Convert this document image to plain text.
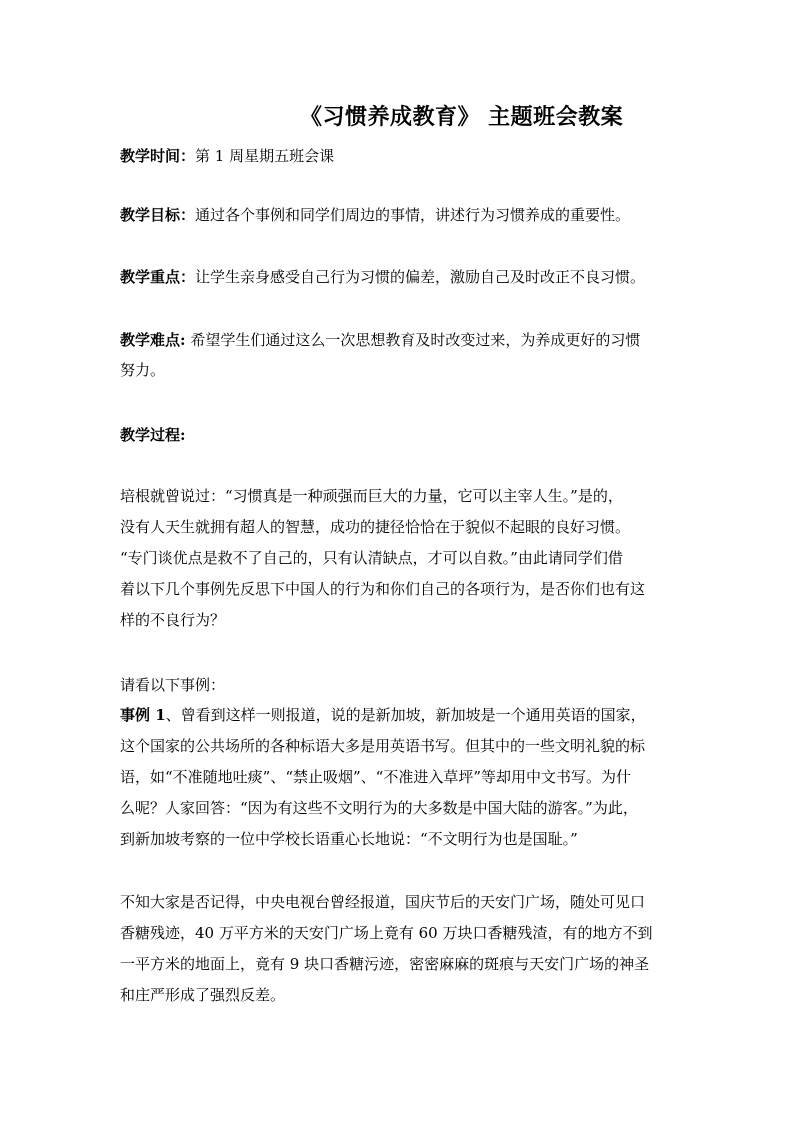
《习惯养成教育》 主题班会教案
教学时间：第 1 周星期五班会课
教学目标：通过各个事例和同学们周边的事情，讲述行为习惯养成的重要性。
教学重点：让学生亲身感受自己行为习惯的偏差，激励自己及时改正不良习惯。
教学难点: 希望学生们通过这么一次思想教育及时改变过来，为养成更好的习惯
努力。
教学过程:
培根就曾说过：“习惯真是一种顽强而巨大的力量，它可以主宰人生。”是的，
没有人天生就拥有超人的智慧，成功的捷径恰恰在于貌似不起眼的良好习惯。
“专门谈优点是救不了自己的，只有认清缺点，才可以自救。”由此请同学们借
着以下几个事例先反思下中国人的行为和你们自己的各项行为，是否你们也有这
样的不良行为？
请看以下事例：
事例 1、曾看到这样一则报道，说的是新加坡，新加坡是一个通用英语的国家，
这个国家的公共场所的各种标语大多是用英语书写。但其中的一些文明礼貌的标
语，如“不准随地吐痰”、“禁止吸烟”、“不准进入草坪”等却用中文书写。为什
么呢？人家回答：“因为有这些不文明行为的大多数是中国大陆的游客。”为此，
到新加坡考察的一位中学校长语重心长地说：“不文明行为也是国耻。”
不知大家是否记得，中央电视台曾经报道，国庆节后的天安门广场，随处可见口
香糖残迹，40 万平方米的天安门广场上竟有 60 万块口香糖残渣，有的地方不到
一平方米的地面上，竟有 9 块口香糖污迹，密密麻麻的斑痕与天安门广场的神圣
和庄严形成了强烈反差。
